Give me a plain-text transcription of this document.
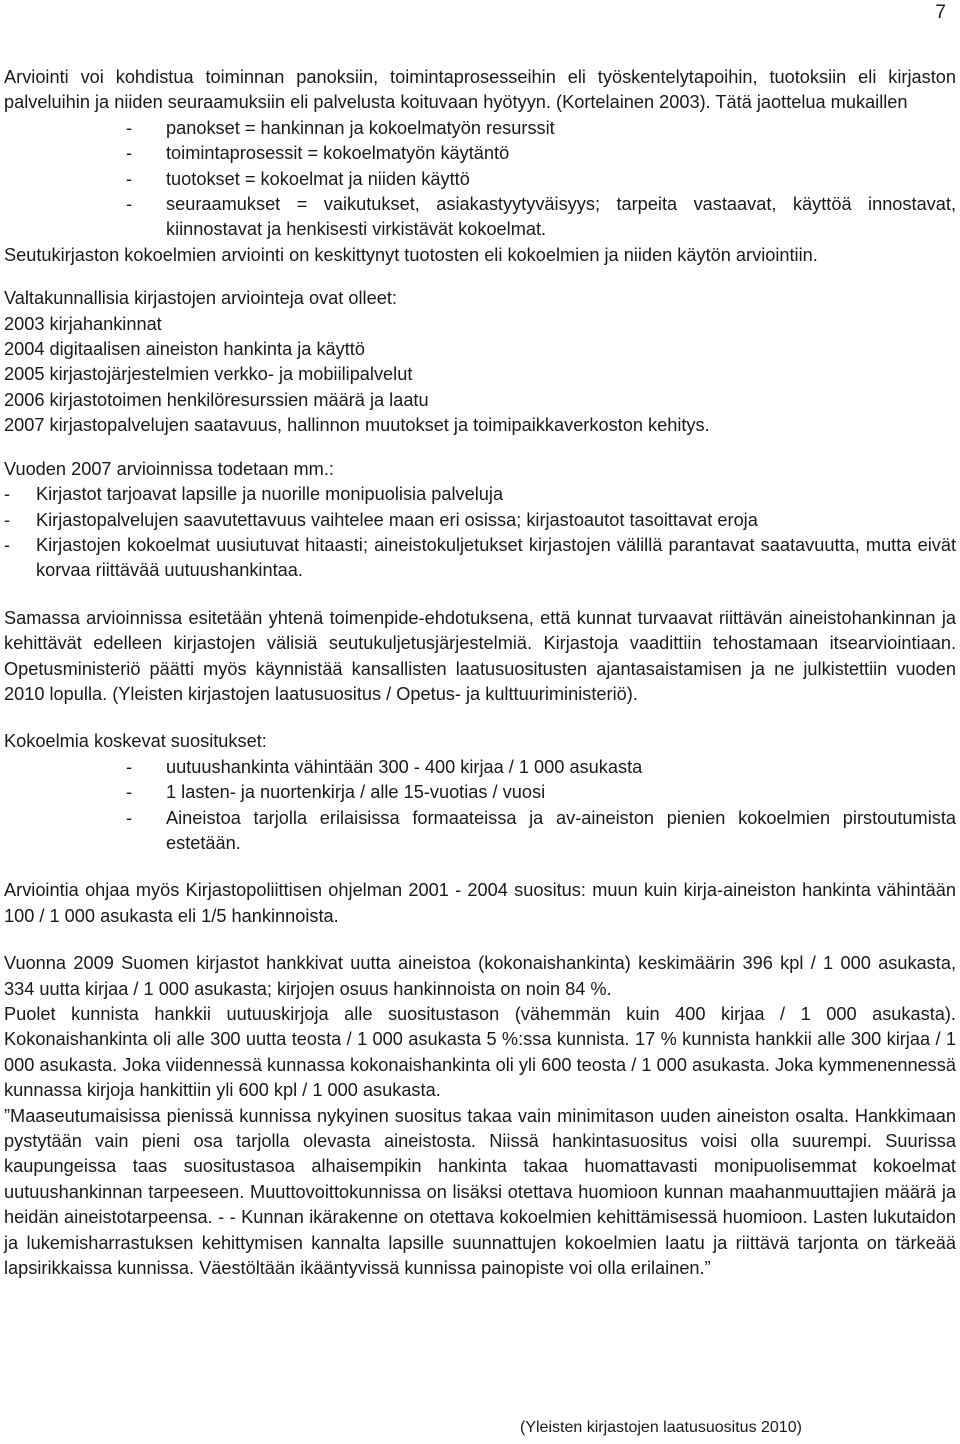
7

Arviointi voi kohdistua toiminnan panoksiin, toimintaprosesseihin eli työskentelytapoihin, tuotoksiin eli kirjaston palveluihin ja niiden seuraamuksiin eli palvelusta koituvaan hyötyyn. (Kortelainen 2003). Tätä jaottelua mukaillen

-	panokset = hankinnan ja kokoelmatyön resurssit
-	toimintaprosessit = kokoelmatyön käytäntö
-	tuotokset = kokoelmat ja niiden käyttö
-	seuraamukset = vaikutukset, asiakastyytyväisyys; tarpeita vastaavat, käyttöä innostavat, kiinnostavat ja henkisesti virkistävät kokoelmat.

Seutukirjaston kokoelmien arviointi on keskittynyt tuotosten eli kokoelmien ja niiden käytön arviointiin.

Valtakunnallisia kirjastojen arviointeja ovat olleet:

2003 kirjahankinnat

2004 digitaalisen aineiston hankinta ja käyttö

2005 kirjastojärjestelmien verkko- ja mobiilipalvelut

2006 kirjastotoimen henkilöresurssien määrä ja laatu

2007 kirjastopalvelujen saatavuus, hallinnon muutokset ja toimipaikkaverkoston kehitys.

Vuoden 2007 arvioinnissa todetaan mm.:

-	Kirjastot tarjoavat lapsille ja nuorille monipuolisia palveluja
-	Kirjastopalvelujen saavutettavuus vaihtelee maan eri osissa; kirjastoautot tasoittavat eroja
-	Kirjastojen kokoelmat uusiutuvat hitaasti; aineistokuljetukset kirjastojen välillä parantavat saatavuutta, mutta eivät korvaa riittävää uutuushankintaa.

Samassa arvioinnissa esitetään yhtenä toimenpide-ehdotuksena, että kunnat turvaavat riittävän aineistohankinnan ja kehittävät edelleen kirjastojen välisiä seutukuljetusjärjestelmiä. Kirjastoja vaadittiin tehostamaan itsearviointiaan. Opetusministeriö päätti myös käynnistää kansallisten laatusuositusten ajantasaistamisen ja ne julkistettiin vuoden 2010 lopulla. (Yleisten kirjastojen laatusuositus / Opetus- ja kulttuuriministeriö).

Kokoelmia koskevat suositukset:

-	uutuushankinta vähintään 300 - 400 kirjaa / 1 000 asukasta
-	1 lasten- ja nuortenkirja / alle 15-vuotias / vuosi
-	Aineistoa tarjolla erilaisissa formaateissa ja av-aineiston pienien kokoelmien pirstoutumista estetään.

Arviointia ohjaa myös Kirjastopoliittisen ohjelman 2001 - 2004 suositus: muun kuin kirja-aineiston hankinta vähintään 100 / 1 000 asukasta eli 1/5 hankinnoista.

Vuonna 2009 Suomen kirjastot hankkivat uutta aineistoa (kokonaishankinta) keskimäärin 396 kpl / 1 000 asukasta, 334 uutta kirjaa / 1 000 asukasta; kirjojen osuus hankinnoista on noin 84 %.

Puolet kunnista hankkii uutuuskirjoja alle suositustason (vähemmän kuin 400 kirjaa / 1 000 asukasta). Kokonaishankinta oli alle 300 uutta teosta / 1 000 asukasta 5 %:ssa kunnista. 17 % kunnista hankkii alle 300 kirjaa / 1 000 asukasta. Joka viidennessä kunnassa kokonaishankinta oli yli 600 teosta / 1 000 asukasta. Joka kymmenennessä kunnassa kirjoja hankittiin yli 600 kpl / 1 000 asukasta.

”Maaseutumaisissa pienissä kunnissa nykyinen suositus takaa vain minimitason uuden aineiston osalta. Hankkimaan pystytään vain pieni osa tarjolla olevasta aineistosta. Niissä hankintasuositus voisi olla suurempi. Suurissa kaupungeissa taas suositustasoa alhaisempikin hankinta takaa huomattavasti monipuolisemmat kokoelmat uutuushankinnan tarpeeseen. Muuttovoittokunnissa on lisäksi otettava huomioon kunnan maahanmuuttajien määrä ja heidän aineistotarpeensa. - - Kunnan ikärakenne on otettava kokoelmien kehittämisessä huomioon. Lasten lukutaidon ja lukemisharrastuksen kehittymisen kannalta lapsille suunnattujen kokoelmien laatu ja riittävä tarjonta on tärkeää lapsirikkaissa kunnissa. Väestöltään ikääntyvissä kunnissa painopiste voi olla erilainen.”

(Yleisten kirjastojen laatusuositus 2010)
